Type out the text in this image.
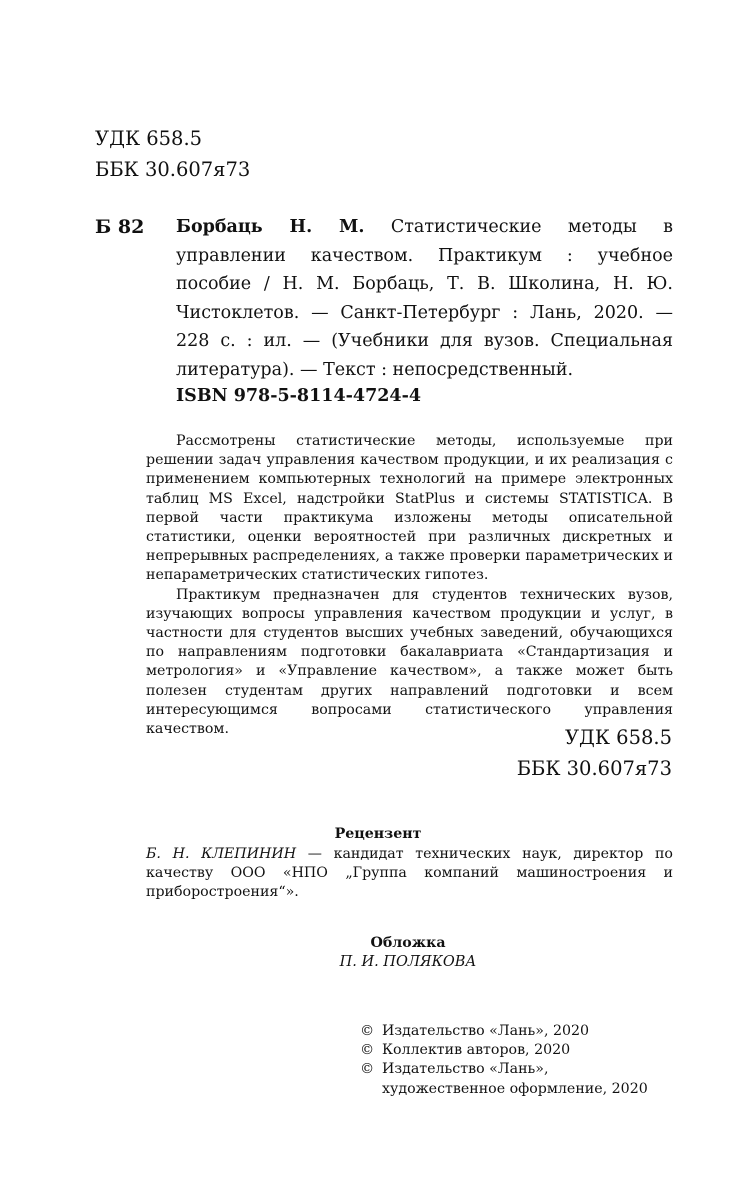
УДК 658.5
ББК 30.607я73
Б 82 Борбаць Н. М. Статистические методы в управлении качеством. Практикум : учебное пособие / Н. М. Борбаць, Т. В. Школина, Н. Ю. Чистоклетов. — Санкт-Петербург : Лань, 2020. — 228 с. : ил. — (Учебники для вузов. Специальная литература). — Текст : непосредственный.
ISBN 978-5-8114-4724-4

Рассмотрены статистические методы, используемые при решении задач управления качеством продукции, и их реализация с применением компьютерных технологий на примере электронных таблиц MS Excel, надстройки StatPlus и системы STATISTICA. В первой части практикума изложены методы описательной статистики, оценки вероятностей при различных дискретных и непрерывных распределениях, а также проверки параметрических и непараметрических статистических гипотез.

Практикум предназначен для студентов технических вузов, изучающих вопросы управления качеством продукции и услуг, в частности для студентов высших учебных заведений, обучающихся по направлениям подготовки бакалавриата «Стандартизация и метрология» и «Управление качеством», а также может быть полезен студентам других направлений подготовки и всем интересующимся вопросами статистического управления качеством.	УДК 658.5
ББК 30.607я73
Рецензент
Б. Н. КЛЕПИНИН — кандидат технических наук, директор по качеству ООО «НПО „Группа компаний машиностроения и приборостроения“».
Обложка
П. И. ПОЛЯКОВА
© Издательство «Лань», 2020
© Коллектив авторов, 2020
© Издательство «Лань»,
художественное оформление, 2020
